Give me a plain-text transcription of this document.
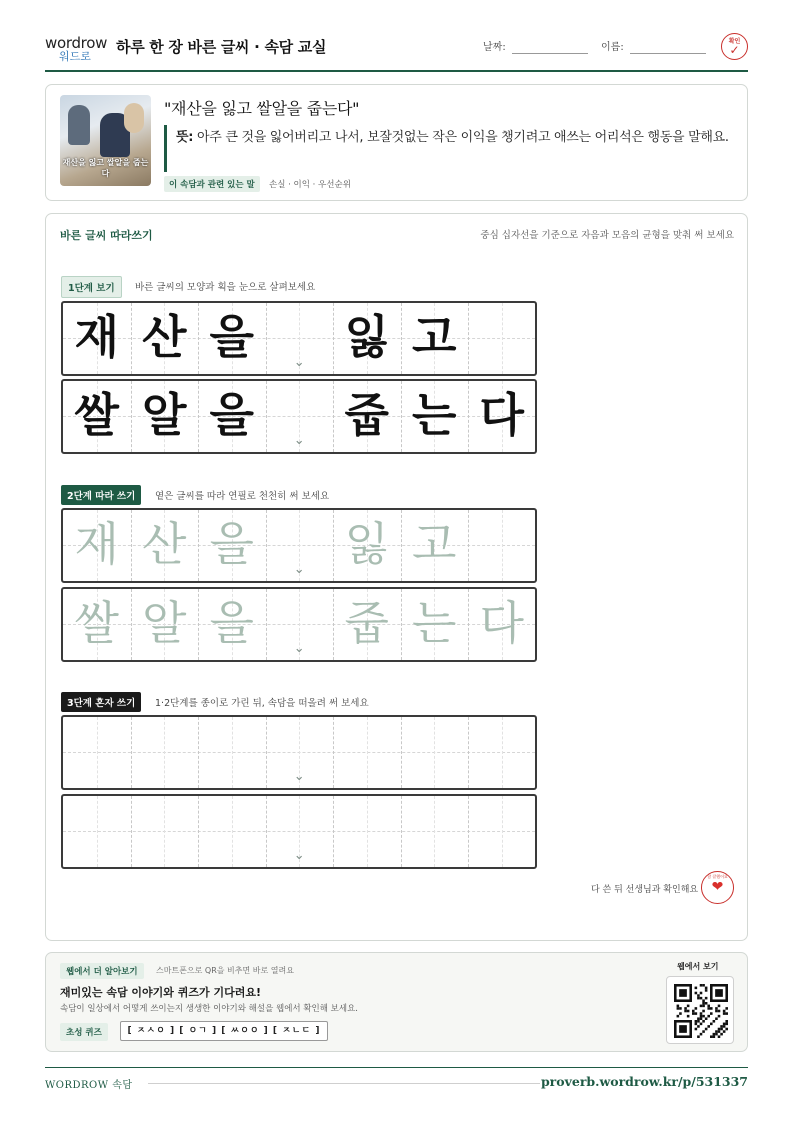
wordrow
워드로
하루 한 장 바른 글씨 · 속담 교실	날짜:	이름:
확인
✓
재산을 잃고 쌀알을 줍는다
"재산을 잃고 쌀알을 줍는다"
뜻: 아주 큰 것을 잃어버리고 나서, 보잘것없는 작은 이익을 챙기려고 애쓰는 어리석은 행동을 말해요.
이 속담과 관련 있는 말	손실 · 이익 · 우선순위
바른 글씨 따라쓰기	중심 십자선을 기준으로 자음과 모음의 균형을 맞춰 써 보세요
1단계 보기	바른 글씨의 모양과 획을 눈으로 살펴보세요
재 산 을	⌄ 잃 고
쌀 알 을	⌄ 줍 는 다
2단계 따라 쓰기	옅은 글씨를 따라 연필로 천천히 써 보세요
재 산 을	⌄ 잃 고
쌀 알 을	⌄ 줍 는 다
3단계 혼자 쓰기	1·2단계를 종이로 가린 뒤, 속담을 떠올려 써 보세요
⌄
⌄
다 쓴 뒤 선생님과 확인해요
참 잘했어요
❤
웹에서 더 알아보기	스마트폰으로 QR을 비추면 바로 열려요
재미있는 속담 이야기와 퀴즈가 기다려요!
속담이 일상에서 어떻게 쓰이는지 생생한 이야기와 해설을 웹에서 확인해 보세요.
초성 퀴즈	[ ㅈㅅㅇ ] [ ㅇㄱ ] [ ㅆㅇㅇ ] [ ㅈㄴㄷ ]
웹에서 보기
WORDROW 속담	proverb.wordrow.kr/p/531337
